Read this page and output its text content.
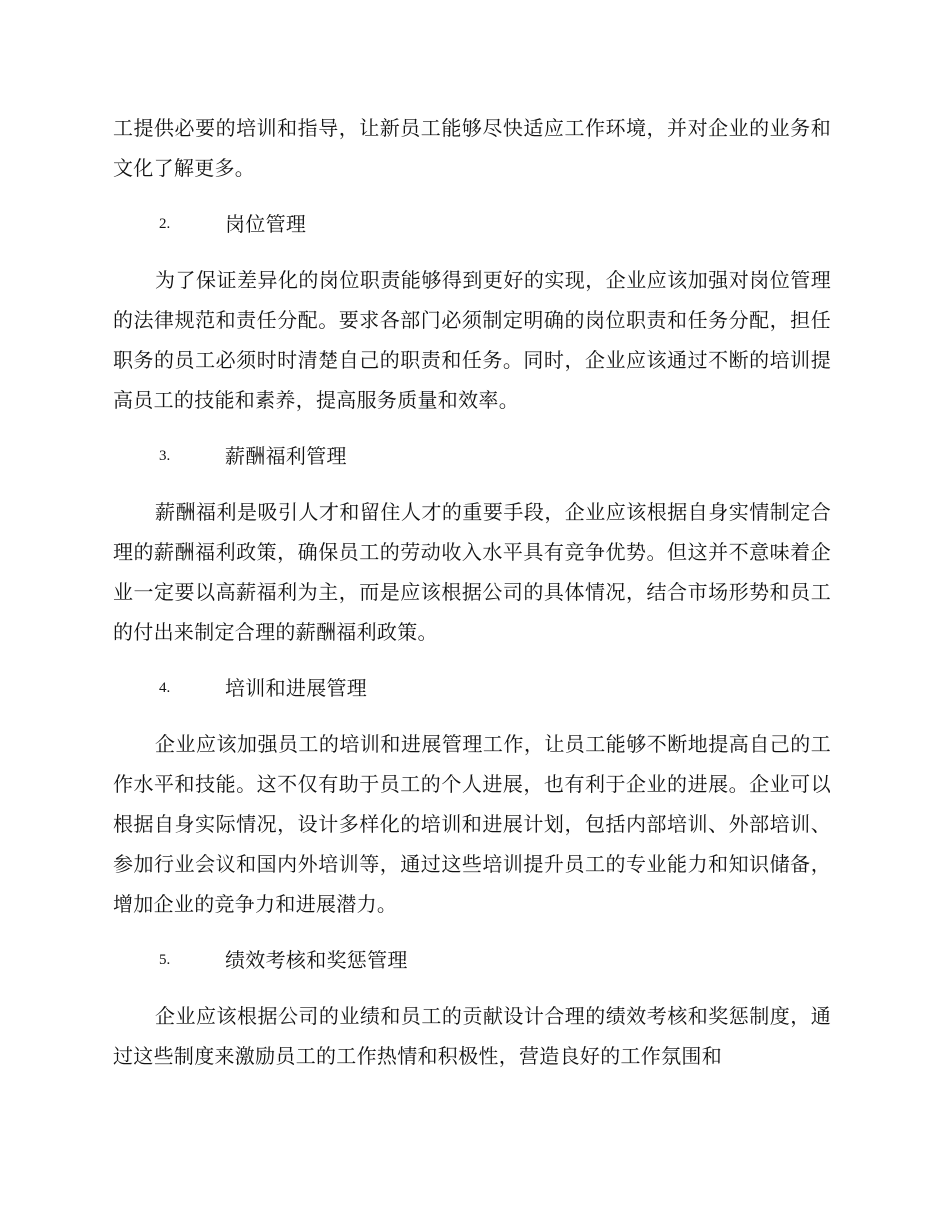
工提供必要的培训和指导，让新员工能够尽快适应工作环境，并对企业的业务和文化了解更多。

2.	岗位管理

为了保证差异化的岗位职责能够得到更好的实现，企业应该加强对岗位管理的法律规范和责任分配。要求各部门必须制定明确的岗位职责和任务分配，担任职务的员工必须时时清楚自己的职责和任务。同时，企业应该通过不断的培训提高员工的技能和素养，提高服务质量和效率。

3.	薪酬福利管理

薪酬福利是吸引人才和留住人才的重要手段，企业应该根据自身实情制定合理的薪酬福利政策，确保员工的劳动收入水平具有竞争优势。但这并不意味着企业一定要以高薪福利为主，而是应该根据公司的具体情况，结合市场形势和员工的付出来制定合理的薪酬福利政策。

4.	培训和进展管理

企业应该加强员工的培训和进展管理工作，让员工能够不断地提高自己的工作水平和技能。这不仅有助于员工的个人进展，也有利于企业的进展。企业可以根据自身实际情况，设计多样化的培训和进展计划，包括内部培训、外部培训、参加行业会议和国内外培训等，通过这些培训提升员工的专业能力和知识储备，增加企业的竞争力和进展潜力。

5.	绩效考核和奖惩管理

企业应该根据公司的业绩和员工的贡献设计合理的绩效考核和奖惩制度，通过这些制度来激励员工的工作热情和积极性，营造良好的工作氛围和
